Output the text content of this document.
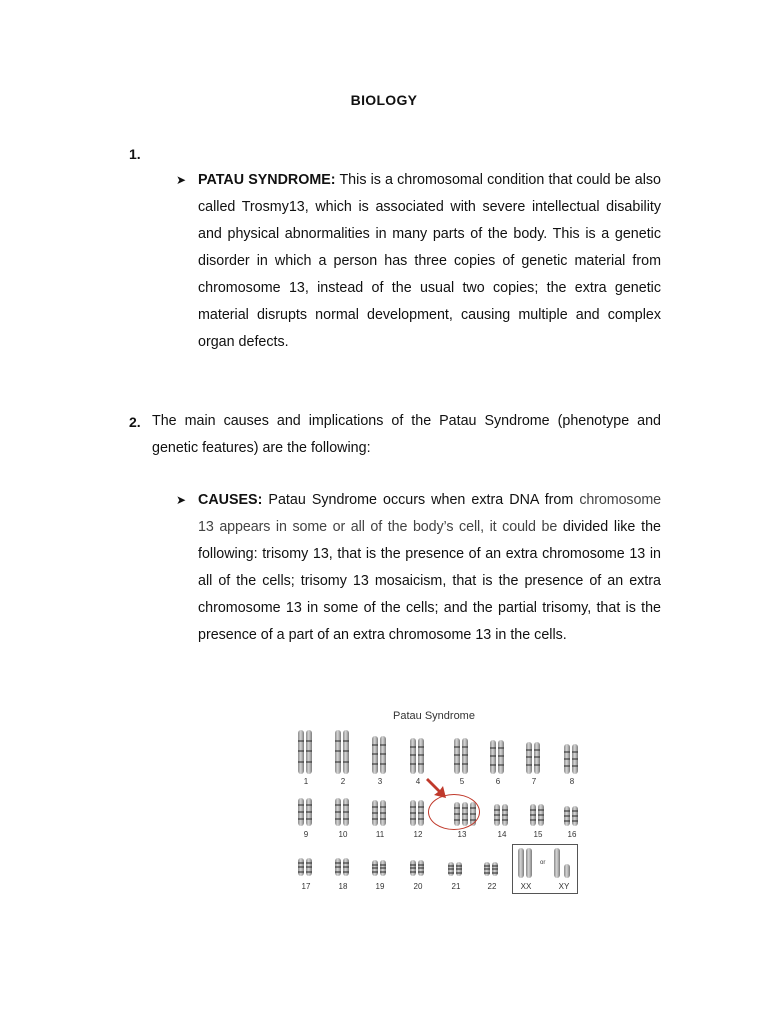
BIOLOGY
1.
➤ PATAU SYNDROME: This is a chromosomal condition that could be also called Trosmy13, which is associated with severe intellectual disability and physical abnormalities in many parts of the body. This is a genetic disorder in which a person has three copies of genetic material from chromosome 13, instead of the usual two copies; the extra genetic material disrupts normal development, causing multiple and complex organ defects.
2. The main causes and implications of the Patau Syndrome (phenotype and genetic features) are the following:
➤ CAUSES: Patau Syndrome occurs when extra DNA from chromosome 13 appears in some or all of the body’s cell, it could be divided like the following: trisomy 13, that is the presence of an extra chromosome 13 in all of the cells; trisomy 13 mosaicism, that is the presence of an extra chromosome 13 in some of the cells; and the partial trisomy, that is the presence of a part of an extra chromosome 13 in the cells.
Patau Syndrome
1	2	3	4	5	6	7	8
9	10	11	12	13	14	15	16
17	18	19	20	21	22
or
XX	XY
